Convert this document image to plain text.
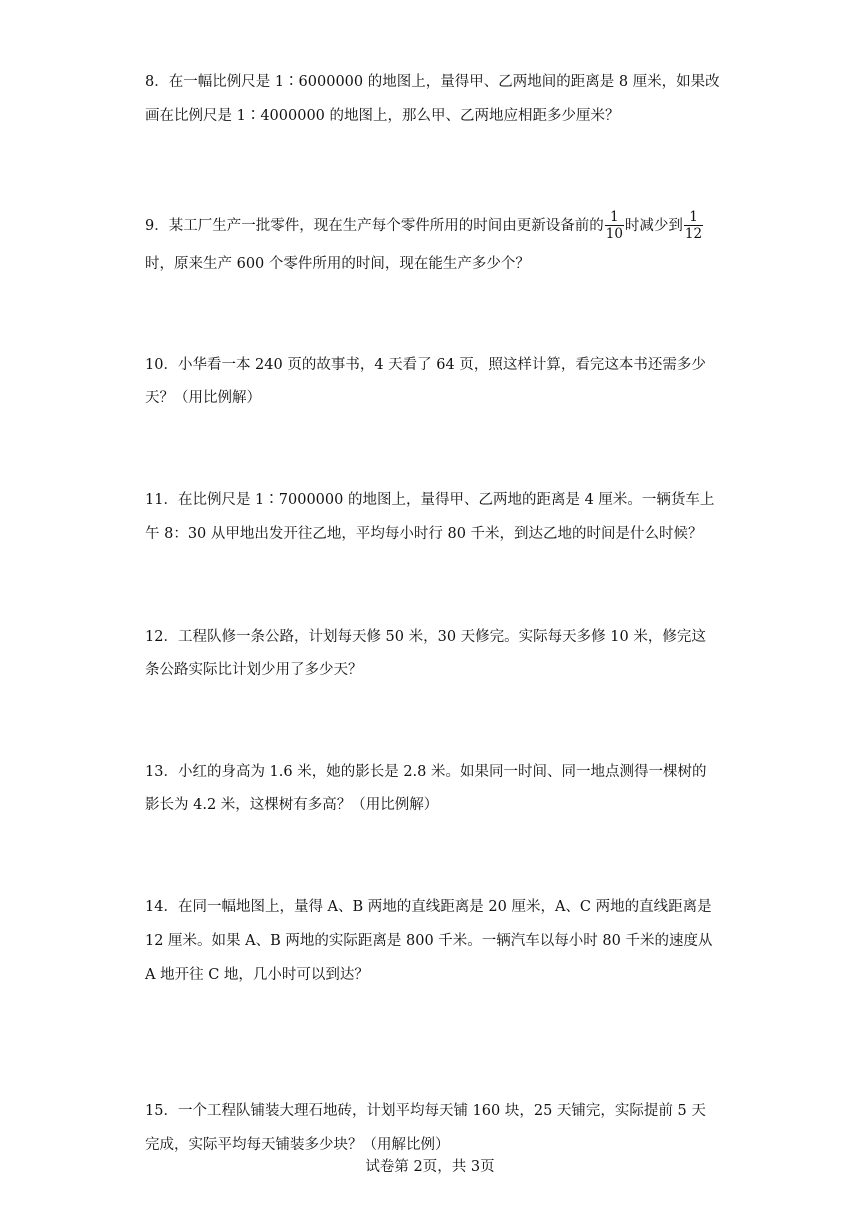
8．在一幅比例尺是 1∶6000000 的地图上，量得甲、乙两地间的距离是 8 厘米，如果改
画在比例尺是 1∶4000000 的地图上，那么甲、乙两地应相距多少厘米？
9．某工厂生产一批零件，现在生产每个零件所用的时间由更新设备前的 $\frac{1}{10}$ 时减少到 $\frac{1}{12}$
时，原来生产 600 个零件所用的时间，现在能生产多少个？
10．小华看一本 240 页的故事书，4 天看了 64 页，照这样计算，看完这本书还需多少
天？（用比例解）
11．在比例尺是 1∶7000000 的地图上，量得甲、乙两地的距离是 4 厘米。一辆货车上
午 8：30 从甲地出发开往乙地，平均每小时行 80 千米，到达乙地的时间是什么时候？
12．工程队修一条公路，计划每天修 50 米，30 天修完。实际每天多修 10 米，修完这
条公路实际比计划少用了多少天？
13．小红的身高为 1.6 米，她的影长是 2.8 米。如果同一时间、同一地点测得一棵树的
影长为 4.2 米，这棵树有多高？（用比例解）
14．在同一幅地图上，量得 A、B 两地的直线距离是 20 厘米，A、C 两地的直线距离是
12 厘米。如果 A、B 两地的实际距离是 800 千米。一辆汽车以每小时 80 千米的速度从
A 地开往 C 地，几小时可以到达？
15．一个工程队铺装大理石地砖，计划平均每天铺 160 块，25 天铺完，实际提前 5 天
完成，实际平均每天铺装多少块？（用解比例）
试卷第 2页，共 3页
